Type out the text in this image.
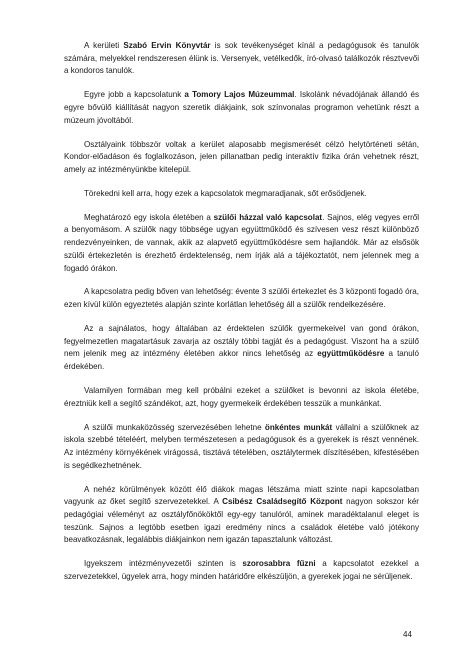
A kerületi Szabó Ervin Könyvtár is sok tevékenységet kínál a pedagógusok és tanulók számára, melyekkel rendszeresen élünk is. Versenyek, vetélkedők, író-olvasó találkozók résztvevői a kondoros tanulók.

Egyre jobb a kapcsolatunk a Tomory Lajos Múzeummal. Iskolánk névadójának állandó és egyre bővülő kiállítását nagyon szeretik diákjaink, sok színvonalas programon vehetünk részt a múzeum jóvoltából.

Osztályaink többször voltak a kerület alaposabb megismerését célzó helytörténeti sétán, Kondor-előadáson és foglalkozáson, jelen pillanatban pedig interaktív fizika órán vehetnek részt, amely az intézményünkbe kitelepül.

Törekedni kell arra, hogy ezek a kapcsolatok megmaradjanak, sőt erősödjenek.

Meghatározó egy iskola életében a szülői házzal való kapcsolat. Sajnos, elég vegyes erről a benyomásom. A szülők nagy többsége ugyan együttműködő és szívesen vesz részt különböző rendezvényeinken, de vannak, akik az alapvető együttműködésre sem hajlandók. Már az elsősök szülői értekezletén is érezhető érdektelenség, nem írják alá a tájékoztatót, nem jelennek meg a fogadó órákon.

A kapcsolatra pedig bőven van lehetőség: évente 3 szülői értekezlet és 3 központi fogadó óra, ezen kívül külön egyeztetés alapján szinte korlátlan lehetőség áll a szülők rendelkezésére.

Az a sajnálatos, hogy általában az érdektelen szülők gyermekeivel van gond órákon, fegyelmezetlen magatartásuk zavarja az osztály többi tagját és a pedagógust. Viszont ha a szülő nem jelenik meg az intézmény életében akkor nincs lehetőség az együttműködésre a tanuló érdekében.

Valamilyen formában meg kell próbálni ezeket a szülőket is bevonni az iskola életébe, éreztniük kell a segítő szándékot, azt, hogy gyermekeik érdekében tesszük a munkánkat.

A szülői munkaközösség szervezésében lehetne önkéntes munkát vállalni a szülőknek az iskola szebbé tételéért, melyben természetesen a pedagógusok és a gyerekek is részt vennének. Az intézmény környékének virágossá, tisztává tételében, osztálytermek díszítésében, kifestésében is segédkezhetnének.

A nehéz körülmények között élő diákok magas létszáma miatt szinte napi kapcsolatban vagyunk az őket segítő szervezetekkel. A Csibész Családsegítő Központ nagyon sokszor kér pedagógiai véleményt az osztályfőnököktől egy-egy tanulóról, aminek maradéktalanul eleget is teszünk. Sajnos a legtöbb esetben igazi eredmény nincs a családok életébe való jótékony beavatkozásnak, legalábbis diákjainkon nem igazán tapasztalunk változást.

Igyekszem intézményvezetői szinten is szorosabbra fűzni a kapcsolatot ezekkel a szervezetekkel, ügyelek arra, hogy minden határidőre elkészüljön, a gyerekek jogai ne sérüljenek.

44
